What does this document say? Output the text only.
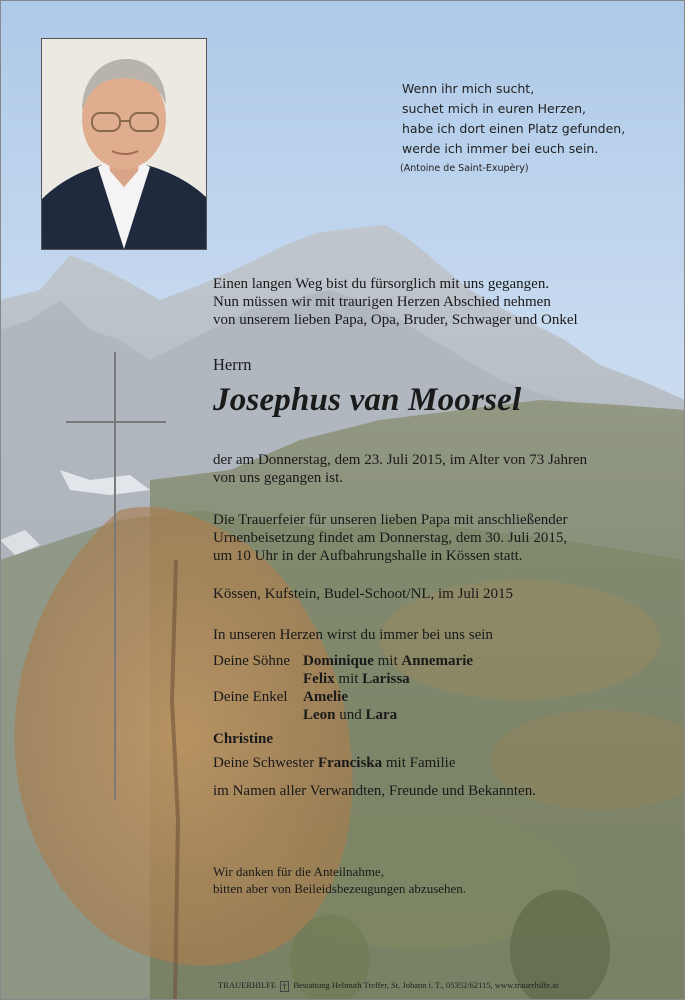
Wenn ihr mich sucht,
suchet mich in euren Herzen,
habe ich dort einen Platz gefunden,
werde ich immer bei euch sein.
(Antoine de Saint-Exupèry)
Einen langen Weg bist du fürsorglich mit uns gegangen.
Nun müssen wir mit traurigen Herzen Abschied nehmen
von unserem lieben Papa, Opa, Bruder, Schwager und Onkel
Herrn
Josephus van Moorsel
der am Donnerstag, dem 23. Juli 2015, im Alter von 73 Jahren
von uns gegangen ist.
Die Trauerfeier für unseren lieben Papa mit anschließender
Urnenbeisetzung findet am Donnerstag, dem 30. Juli 2015,
um 10 Uhr in der Aufbahrungshalle in Kössen statt.
Kössen, Kufstein, Budel-Schoot/NL, im Juli 2015
In unseren Herzen wirst du immer bei uns sein
Deine Söhne Dominique mit Annemarie
Felix mit Larissa
Deine Enkel Amelie
Leon und Lara
Christine
Deine Schwester Franciska mit Familie
im Namen aller Verwandten, Freunde und Bekannten.
Wir danken für die Anteilnahme,
bitten aber von Beileidsbezeugungen abzusehen.
TRAUERHILFE Bestattung Helmuth Treffer, St. Johann i. T., 05352/62115, www.trauerhilfe.at
